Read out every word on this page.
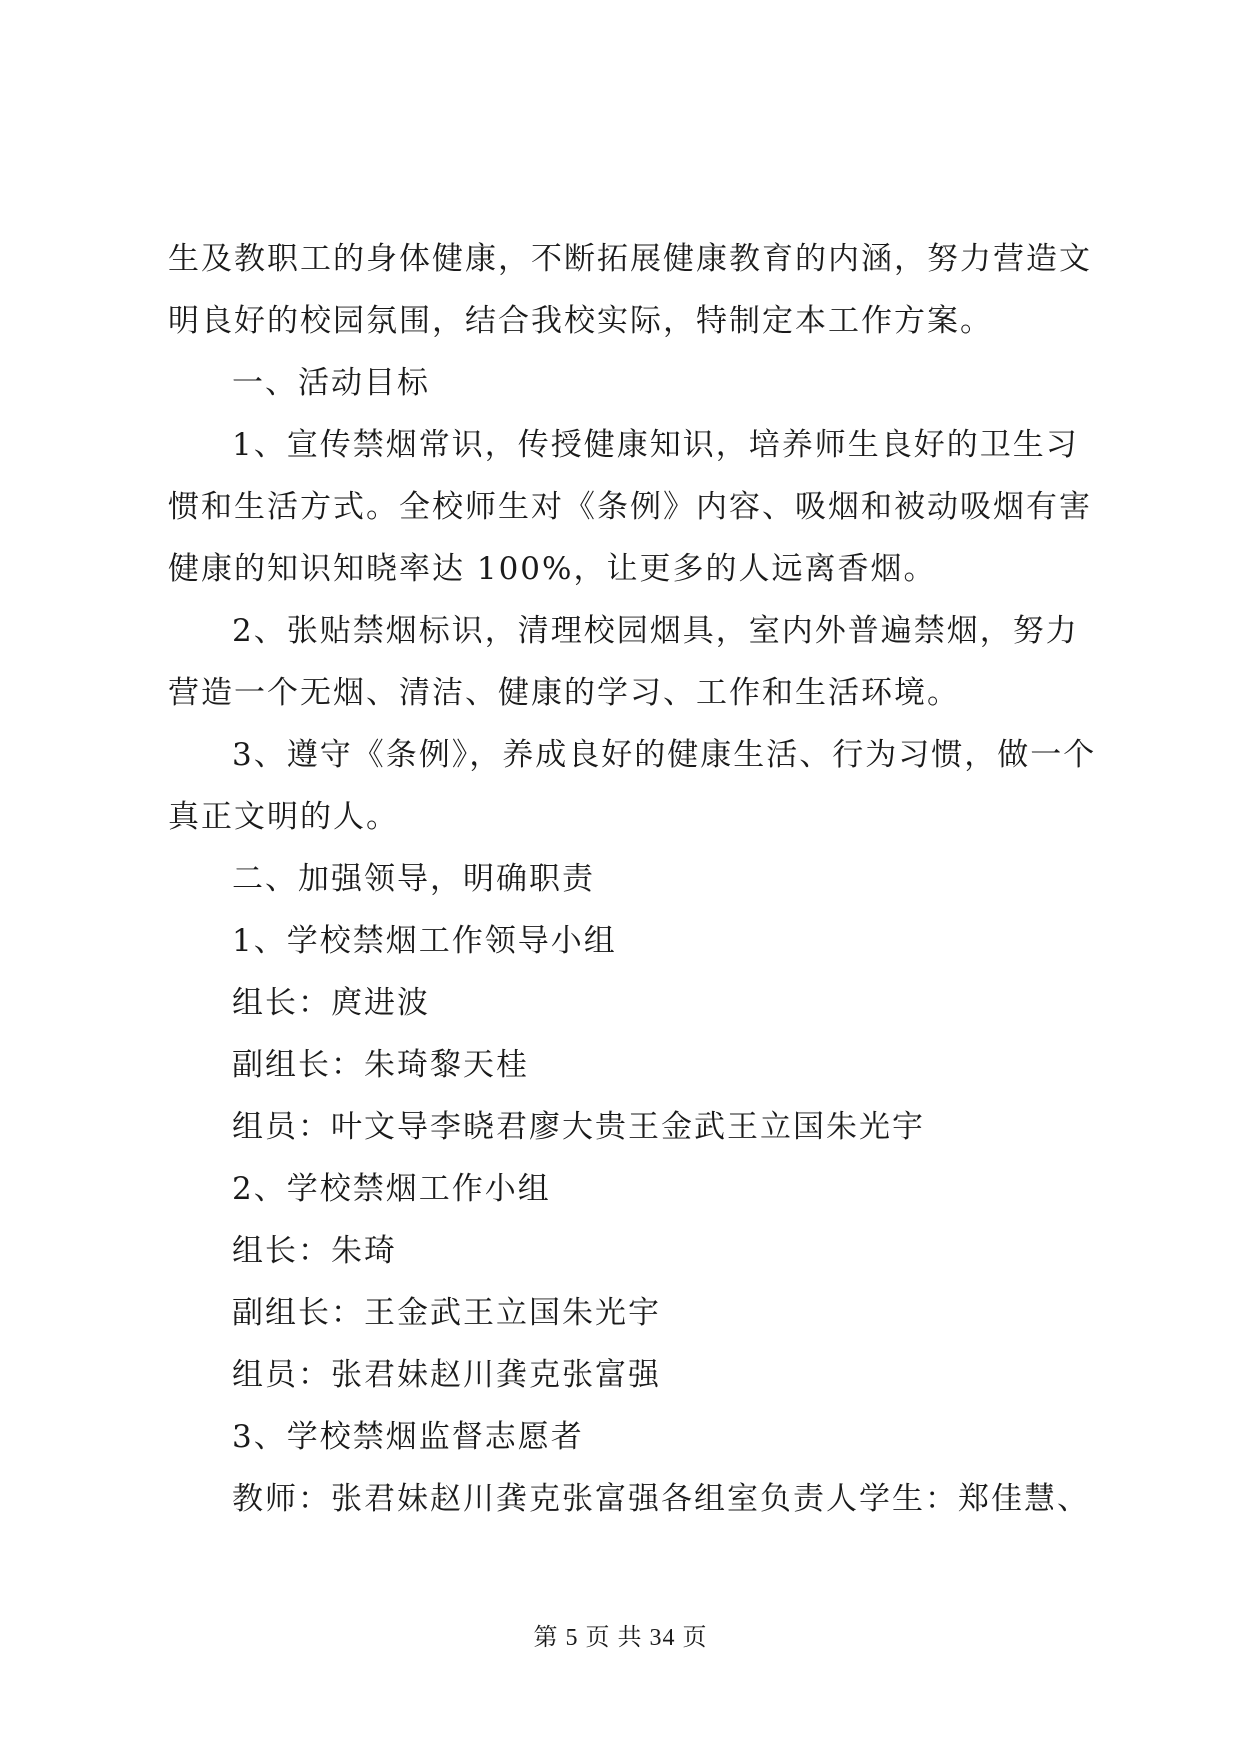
生及教职工的身体健康，不断拓展健康教育的内涵，努力营造文

明良好的校园氛围，结合我校实际，特制定本工作方案。

一、活动目标

1、宣传禁烟常识，传授健康知识，培养师生良好的卫生习

惯和生活方式。全校师生对《条例》内容、吸烟和被动吸烟有害

健康的知识知晓率达 100%，让更多的人远离香烟。

2、张贴禁烟标识，清理校园烟具，室内外普遍禁烟，努力

营造一个无烟、清洁、健康的学习、工作和生活环境。

3、遵守《条例》，养成良好的健康生活、行为习惯，做一个

真正文明的人。

二、加强领导，明确职责

1、学校禁烟工作领导小组

组长：庹进波

副组长：朱琦黎天桂

组员：叶文导李晓君廖大贵王金武王立国朱光宇

2、学校禁烟工作小组

组长：朱琦

副组长：王金武王立国朱光宇

组员：张君妹赵川龚克张富强

3、学校禁烟监督志愿者

教师：张君妹赵川龚克张富强各组室负责人学生：郑佳慧、

第 5 页 共 34 页
